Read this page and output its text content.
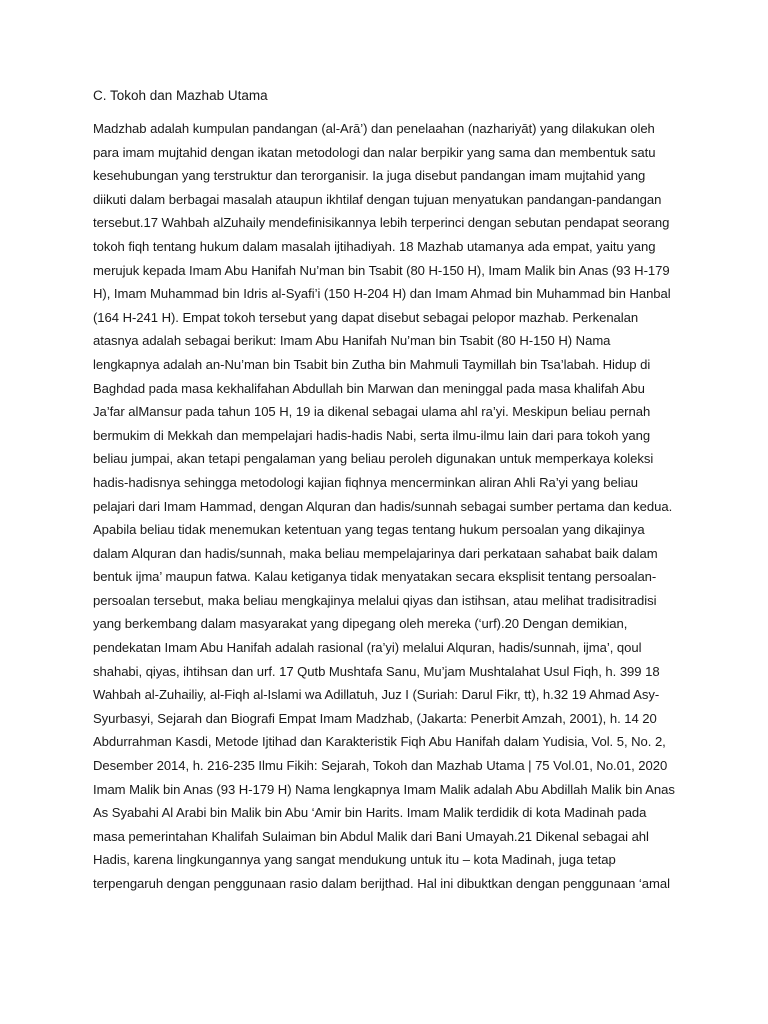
C. Tokoh dan Mazhab Utama
Madzhab adalah kumpulan pandangan (al-Arā’) dan penelaahan (nazhariyāt) yang dilakukan oleh
para imam mujtahid dengan ikatan metodologi dan nalar berpikir yang sama dan membentuk satu
kesehubungan yang terstruktur dan terorganisir. Ia juga disebut pandangan imam mujtahid yang
diikuti dalam berbagai masalah ataupun ikhtilaf dengan tujuan menyatukan pandangan-pandangan
tersebut.17 Wahbah alZuhaily mendefinisikannya lebih terperinci dengan sebutan pendapat seorang
tokoh fiqh tentang hukum dalam masalah ijtihadiyah. 18 Mazhab utamanya ada empat, yaitu yang
merujuk kepada Imam Abu Hanifah Nu’man bin Tsabit (80 H-150 H), Imam Malik bin Anas (93 H-179
H), Imam Muhammad bin Idris al-Syafi’i (150 H-204 H) dan Imam Ahmad bin Muhammad bin Hanbal
(164 H-241 H). Empat tokoh tersebut yang dapat disebut sebagai pelopor mazhab. Perkenalan
atasnya adalah sebagai berikut: Imam Abu Hanifah Nu’man bin Tsabit (80 H-150 H) Nama
lengkapnya adalah an-Nu’man bin Tsabit bin Zutha bin Mahmuli Taymillah bin Tsa’labah. Hidup di
Baghdad pada masa kekhalifahan Abdullah bin Marwan dan meninggal pada masa khalifah Abu
Ja’far alMansur pada tahun 105 H, 19 ia dikenal sebagai ulama ahl ra’yi. Meskipun beliau pernah
bermukim di Mekkah dan mempelajari hadis-hadis Nabi, serta ilmu-ilmu lain dari para tokoh yang
beliau jumpai, akan tetapi pengalaman yang beliau peroleh digunakan untuk memperkaya koleksi
hadis-hadisnya sehingga metodologi kajian fiqhnya mencerminkan aliran Ahli Ra’yi yang beliau
pelajari dari Imam Hammad, dengan Alquran dan hadis/sunnah sebagai sumber pertama dan kedua.
Apabila beliau tidak menemukan ketentuan yang tegas tentang hukum persoalan yang dikajinya
dalam Alquran dan hadis/sunnah, maka beliau mempelajarinya dari perkataan sahabat baik dalam
bentuk ijma’ maupun fatwa. Kalau ketiganya tidak menyatakan secara eksplisit tentang persoalan-
persoalan tersebut, maka beliau mengkajinya melalui qiyas dan istihsan, atau melihat tradisitradisi
yang berkembang dalam masyarakat yang dipegang oleh mereka (‘urf).20 Dengan demikian,
pendekatan Imam Abu Hanifah adalah rasional (ra’yi) melalui Alquran, hadis/sunnah, ijma’, qoul
shahabi, qiyas, ihtihsan dan urf. 17 Qutb Mushtafa Sanu, Mu’jam Mushtalahat Usul Fiqh, h. 399 18
Wahbah al-Zuhailiy, al-Fiqh al-Islami wa Adillatuh, Juz I (Suriah: Darul Fikr, tt), h.32 19 Ahmad Asy-
Syurbasyi, Sejarah dan Biografi Empat Imam Madzhab, (Jakarta: Penerbit Amzah, 2001), h. 14 20
Abdurrahman Kasdi, Metode Ijtihad dan Karakteristik Fiqh Abu Hanifah dalam Yudisia, Vol. 5, No. 2,
Desember 2014, h. 216-235 Ilmu Fikih: Sejarah, Tokoh dan Mazhab Utama | 75 Vol.01, No.01, 2020
Imam Malik bin Anas (93 H-179 H) Nama lengkapnya Imam Malik adalah Abu Abdillah Malik bin Anas
As Syabahi Al Arabi bin Malik bin Abu ‘Amir bin Harits. Imam Malik terdidik di kota Madinah pada
masa pemerintahan Khalifah Sulaiman bin Abdul Malik dari Bani Umayah.21 Dikenal sebagai ahl
Hadis, karena lingkungannya yang sangat mendukung untuk itu – kota Madinah, juga tetap
terpengaruh dengan penggunaan rasio dalam berijthad. Hal ini dibuktkan dengan penggunaan ‘amal
